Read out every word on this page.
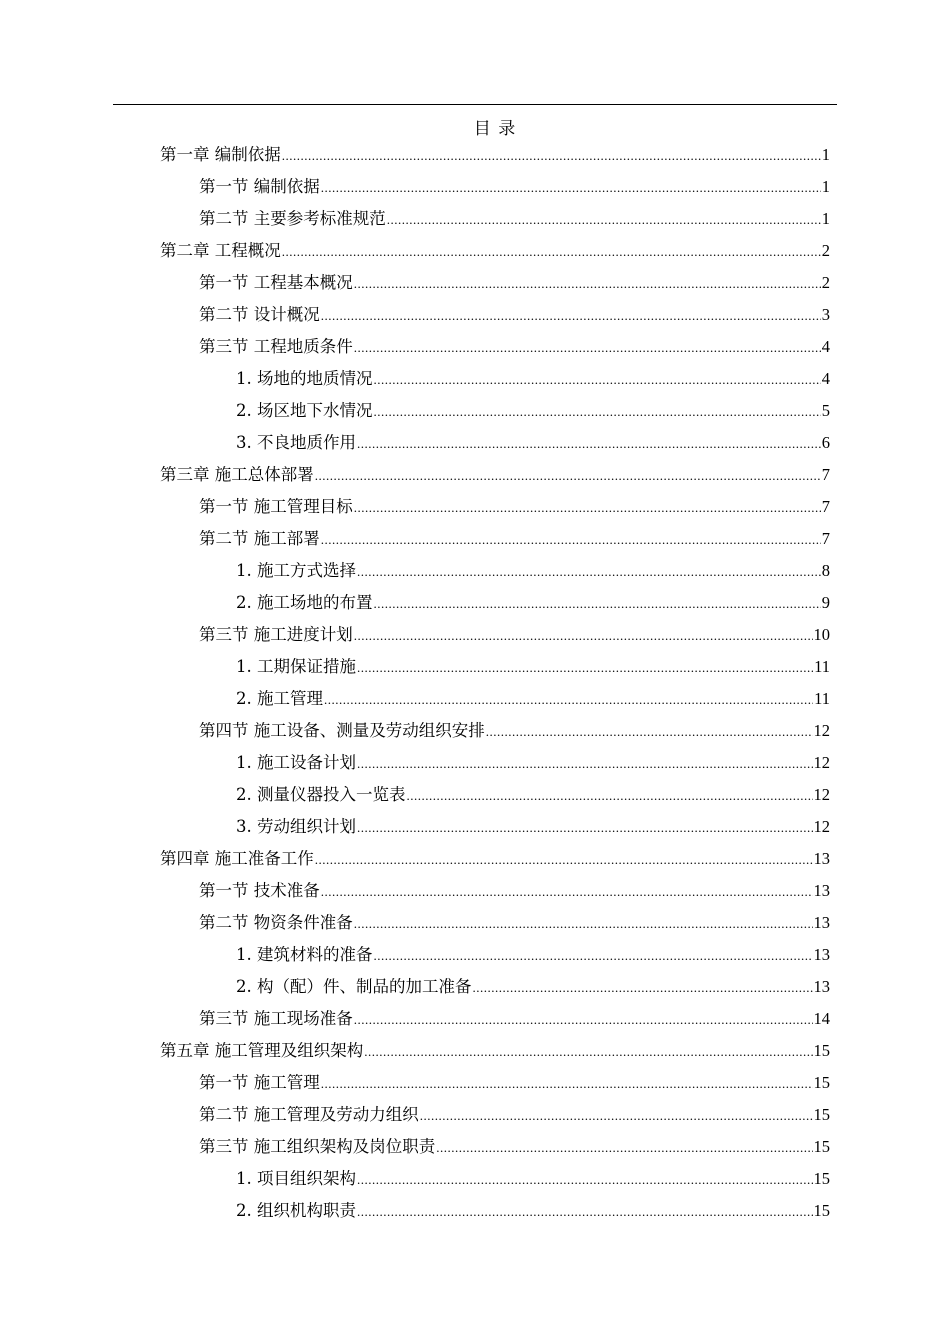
目 录
第一章 编制依据 .....	1
第一节 编制依据 .....	1
第二节 主要参考标准规范 .....	1
第二章 工程概况 .....	2
第一节 工程基本概况 .....	2
第二节 设计概况 .....	3
第三节 工程地质条件 .....	4
1. 场地的地质情况 .....	4
2. 场区地下水情况 .....	5
3. 不良地质作用 .....	6
第三章 施工总体部署 .....	7
第一节 施工管理目标 .....	7
第二节 施工部署 .....	7
1. 施工方式选择 .....	8
2. 施工场地的布置 .....	9
第三节 施工进度计划 .....	10
1. 工期保证措施 .....	11
2. 施工管理 .....	11
第四节 施工设备、测量及劳动组织安排 .....	12
1. 施工设备计划 .....	12
2. 测量仪器投入一览表 .....	12
3. 劳动组织计划 .....	12
第四章 施工准备工作 .....	13
第一节 技术准备 .....	13
第二节 物资条件准备 .....	13
1. 建筑材料的准备 .....	13
2. 构（配）件、制品的加工准备 .....	13
第三节 施工现场准备 .....	14
第五章 施工管理及组织架构 .....	15
第一节 施工管理 .....	15
第二节 施工管理及劳动力组织 .....	15
第三节 施工组织架构及岗位职责 .....	15
1. 项目组织架构 .....	15
2. 组织机构职责 .....	15
